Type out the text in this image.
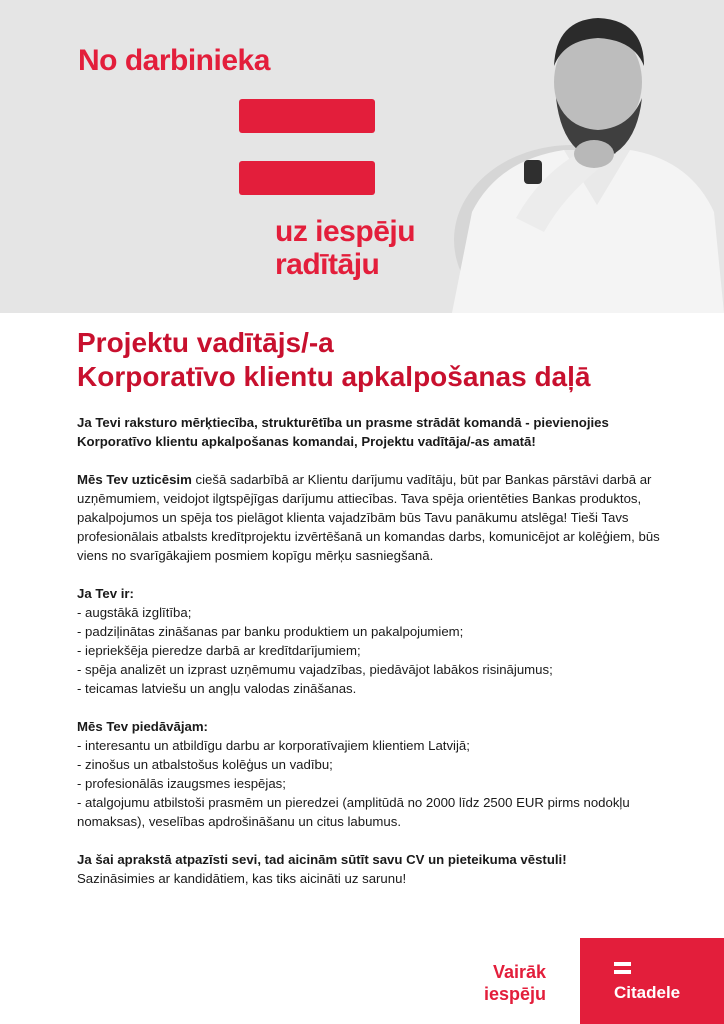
No darbinieka
uz iespēju
radītāju
Projektu vadītājs/-a
Korporatīvo klientu apkalpošanas daļā

Ja Tevi raksturo mērķtiecība, strukturētība un prasme strādāt komandā - pievienojies Korporatīvo klientu apkalpošanas komandai, Projektu vadītāja/-as amatā!

Mēs Tev uzticēsim ciešā sadarbībā ar Klientu darījumu vadītāju, būt par Bankas pārstāvi darbā ar uzņēmumiem, veidojot ilgtspējīgas darījumu attiecības. Tava spēja orientēties Bankas produktos, pakalpojumos un spēja tos pielāgot klienta vajadzībām būs Tavu panākumu atslēga! Tieši Tavs profesionālais atbalsts kredītprojektu izvērtēšanā un komandas darbs, komunicējot ar kolēģiem, būs viens no svarīgākajiem posmiem kopīgu mērķu sasniegšanā.

Ja Tev ir:

- augstākā izglītība;
- padziļinātas zināšanas par banku produktiem un pakalpojumiem;
- iepriekšēja pieredze darbā ar kredītdarījumiem;
- spēja analizēt un izprast uzņēmumu vajadzības, piedāvājot labākos risinājumus;
- teicamas latviešu un angļu valodas zināšanas.

Mēs Tev piedāvājam:

- interesantu un atbildīgu darbu ar korporatīvajiem klientiem Latvijā;
- zinošus un atbalstošus kolēģus un vadību;
- profesionālās izaugsmes iespējas;
- atalgojumu atbilstoši prasmēm un pieredzei (amplitūdā no 2000 līdz 2500 EUR pirms nodokļu nomaksas), veselības apdrošināšanu un citus labumus.

Ja šai aprakstā atpazīsti sevi, tad aicinām sūtīt savu CV un pieteikuma vēstuli!

Sazināsimies ar kandidātiem, kas tiks aicināti uz sarunu!

Vairāk
iespēju	Citadele
